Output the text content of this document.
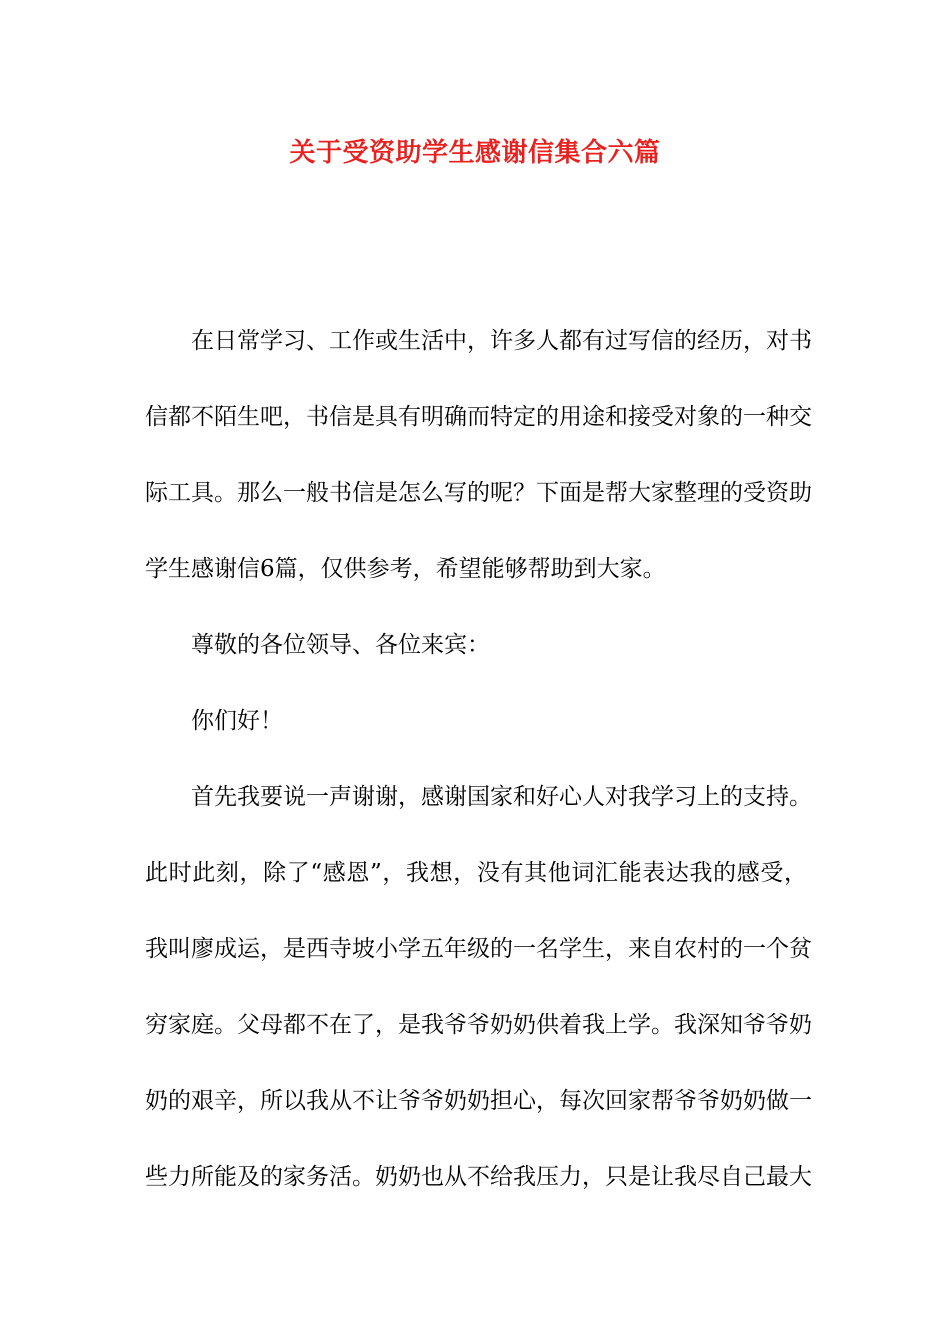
关于受资助学生感谢信集合六篇
在日常学习、工作或生活中，许多人都有过写信的经历，对书
信都不陌生吧，书信是具有明确而特定的用途和接受对象的一种交
际工具。那么一般书信是怎么写的呢？下面是帮大家整理的受资助
学生感谢信6篇，仅供参考，希望能够帮助到大家。
尊敬的各位领导、各位来宾：
你们好！
首先我要说一声谢谢，感谢国家和好心人对我学习上的支持。
此时此刻，除了“感恩”，我想，没有其他词汇能表达我的感受，
我叫廖成运，是西寺坡小学五年级的一名学生，来自农村的一个贫
穷家庭。父母都不在了，是我爷爷奶奶供着我上学。我深知爷爷奶
奶的艰辛，所以我从不让爷爷奶奶担心，每次回家帮爷爷奶奶做一
些力所能及的家务活。奶奶也从不给我压力，只是让我尽自己最大
